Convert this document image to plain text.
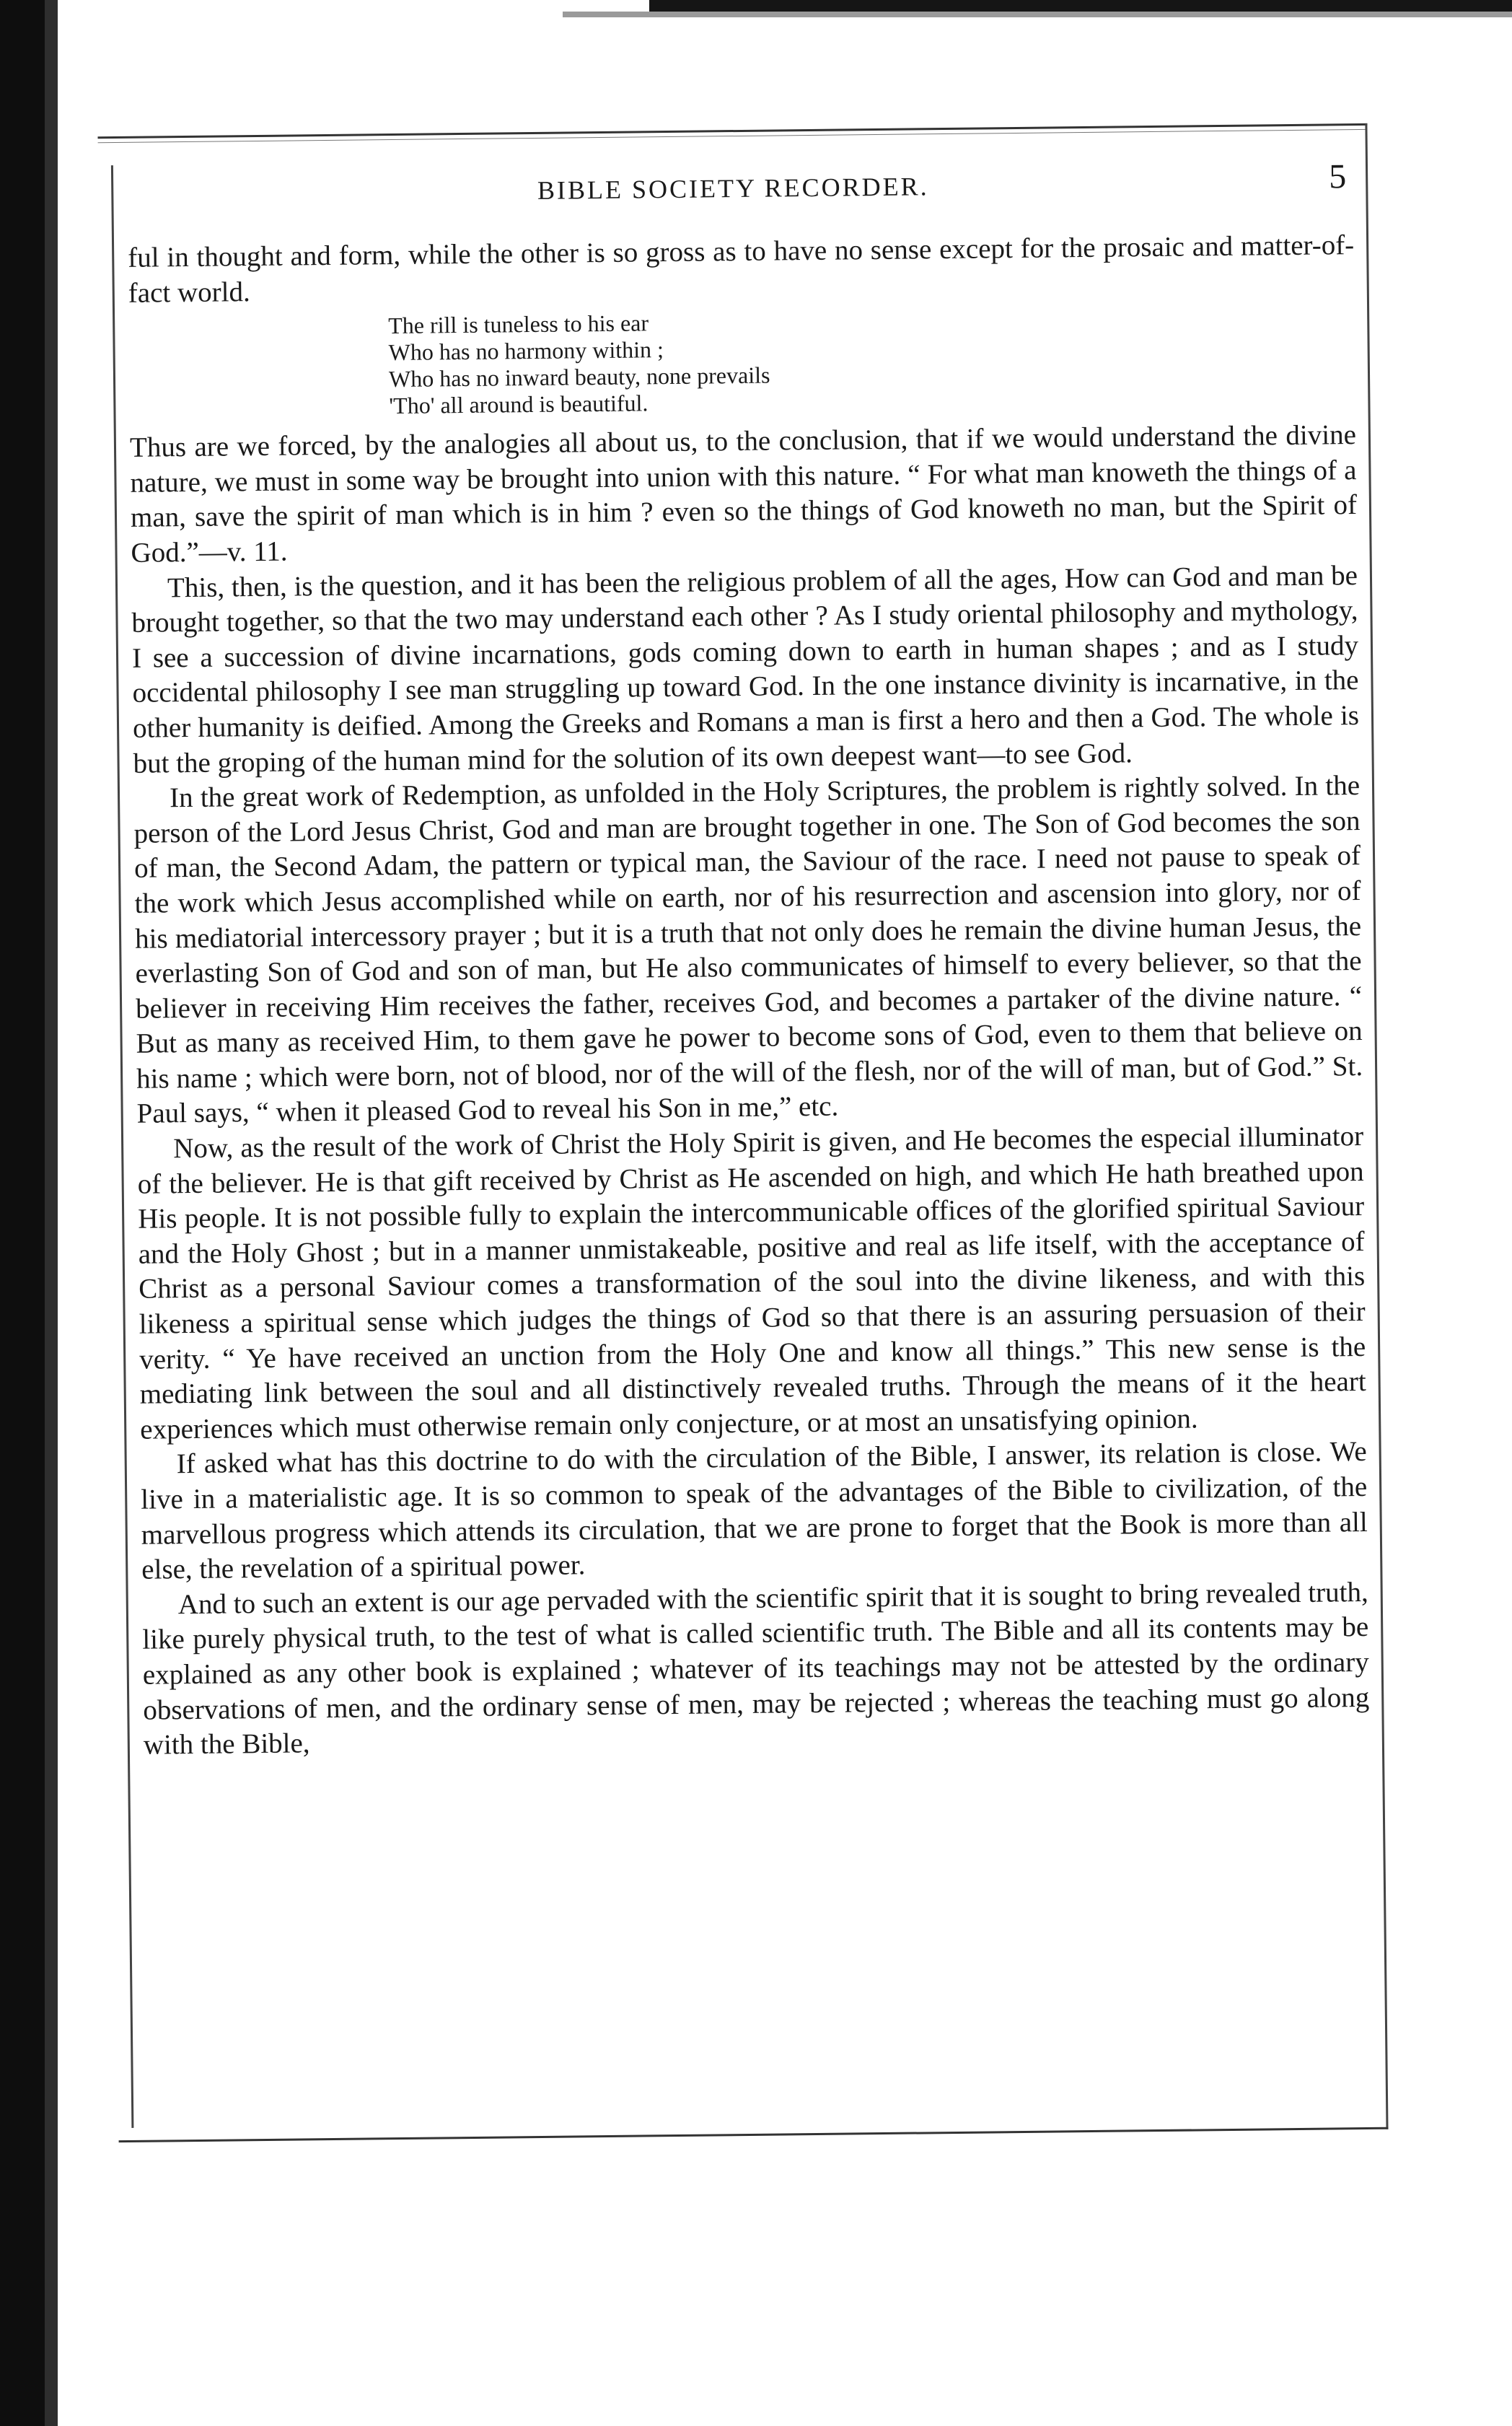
BIBLE SOCIETY RECORDER.	5

ful in thought and form, while the other is so gross as to have no sense except for the prosaic and matter-of-fact world.

The rill is tuneless to his ear
Who has no harmony within ;
Who has no inward beauty, none prevails
'Tho' all around is beautiful.

Thus are we forced, by the analogies all about us, to the conclusion, that if we would understand the divine nature, we must in some way be brought into union with this nature. “ For what man knoweth the things of a man, save the spirit of man which is in him ? even so the things of God knoweth no man, but the Spirit of God.”—v. 11.

This, then, is the question, and it has been the religious problem of all the ages, How can God and man be brought together, so that the two may understand each other ? As I study oriental philosophy and mythology, I see a succession of divine incarnations, gods coming down to earth in human shapes ; and as I study occidental philosophy I see man struggling up toward God. In the one instance divinity is incarnative, in the other humanity is deified. Among the Greeks and Romans a man is first a hero and then a God. The whole is but the groping of the human mind for the solution of its own deepest want—to see God.

In the great work of Redemption, as unfolded in the Holy Scriptures, the problem is rightly solved. In the person of the Lord Jesus Christ, God and man are brought together in one. The Son of God becomes the son of man, the Second Adam, the pattern or typical man, the Saviour of the race. I need not pause to speak of the work which Jesus accomplished while on earth, nor of his resurrection and ascension into glory, nor of his mediatorial intercessory prayer ; but it is a truth that not only does he remain the divine human Jesus, the everlasting Son of God and son of man, but He also communicates of himself to every believer, so that the believer in receiving Him receives the father, receives God, and becomes a partaker of the divine nature. “ But as many as received Him, to them gave he power to become sons of God, even to them that believe on his name ; which were born, not of blood, nor of the will of the flesh, nor of the will of man, but of God.” St. Paul says, “ when it pleased God to reveal his Son in me,” etc.

Now, as the result of the work of Christ the Holy Spirit is given, and He becomes the especial illuminator of the believer. He is that gift received by Christ as He ascended on high, and which He hath breathed upon His people. It is not possible fully to explain the intercommunicable offices of the glorified spiritual Saviour and the Holy Ghost ; but in a manner unmistakeable, positive and real as life itself, with the acceptance of Christ as a personal Saviour comes a transformation of the soul into the divine likeness, and with this likeness a spiritual sense which judges the things of God so that there is an assuring persuasion of their verity. “ Ye have received an unction from the Holy One and know all things.” This new sense is the mediating link between the soul and all distinctively revealed truths. Through the means of it the heart experiences which must otherwise remain only conjecture, or at most an unsatisfying opinion.

If asked what has this doctrine to do with the circulation of the Bible, I answer, its relation is close. We live in a materialistic age. It is so common to speak of the advantages of the Bible to civilization, of the marvellous progress which attends its circulation, that we are prone to forget that the Book is more than all else, the revelation of a spiritual power.

And to such an extent is our age pervaded with the scientific spirit that it is sought to bring revealed truth, like purely physical truth, to the test of what is called scientific truth. The Bible and all its contents may be explained as any other book is explained ; whatever of its teachings may not be attested by the ordinary observations of men, and the ordinary sense of men, may be rejected ; whereas the teaching must go along with the Bible,
